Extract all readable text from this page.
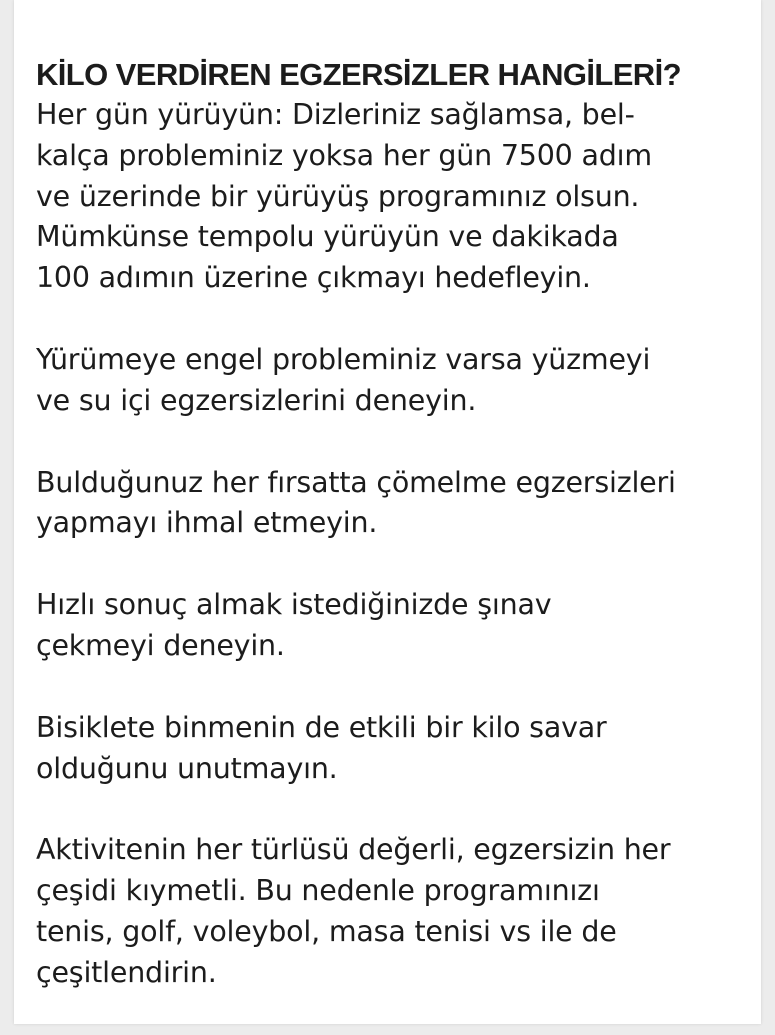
KİLO VERDİREN EGZERSİZLER HANGİLERİ?

Her gün yürüyün: Dizleriniz sağlamsa, bel-
kalça probleminiz yoksa her gün 7500 adım
ve üzerinde bir yürüyüş programınız olsun.
Mümkünse tempolu yürüyün ve dakikada
100 adımın üzerine çıkmayı hedefleyin.

Yürümeye engel probleminiz varsa yüzmeyi
ve su içi egzersizlerini deneyin.

Bulduğunuz her fırsatta çömelme egzersizleri
yapmayı ihmal etmeyin.

Hızlı sonuç almak istediğinizde şınav
çekmeyi deneyin.

Bisiklete binmenin de etkili bir kilo savar
olduğunu unutmayın.

Aktivitenin her türlüsü değerli, egzersizin her
çeşidi kıymetli. Bu nedenle programınızı
tenis, golf, voleybol, masa tenisi vs ile de
çeşitlendirin.
